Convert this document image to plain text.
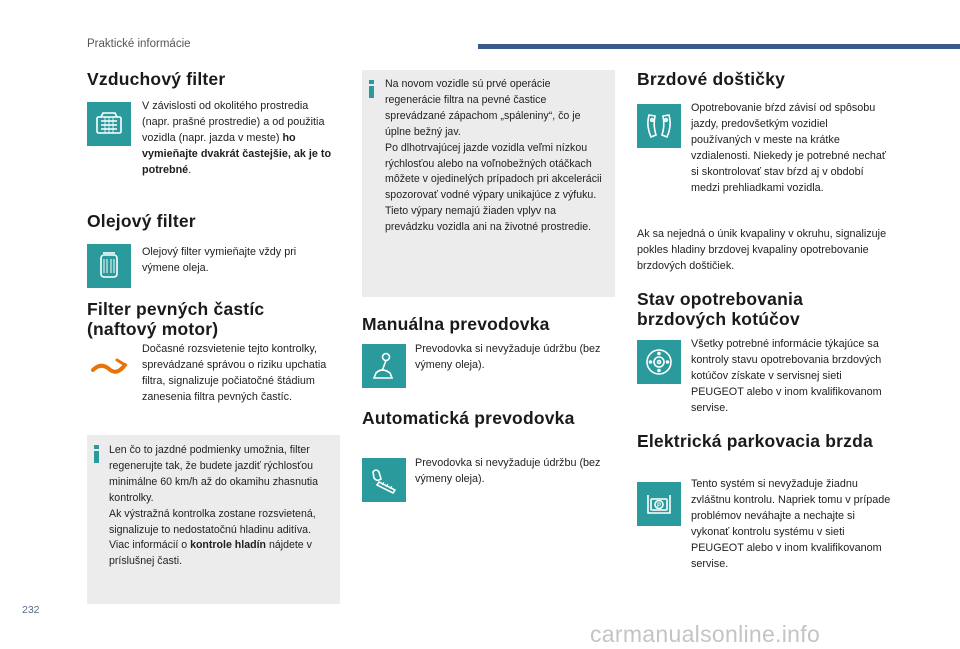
Praktické informácie
Vzduchový filter
V závislosti od okolitého prostredia (napr. prašné prostredie) a od použitia vozidla (napr. jazda v meste) ho vymieňajte dvakrát častejšie, ak je to potrebné.
Olejový filter
Olejový filter vymieňajte vždy pri výmene oleja.
Filter pevných častíc
(naftový motor)
Dočasné rozsvietenie tejto kontrolky, sprevádzané správou o riziku upchatia filtra, signalizuje počiatočné štádium zanesenia filtra pevných častíc.
Len čo to jazdné podmienky umožnia, filter regenerujte tak, že budete jazdiť rýchlosťou minimálne 60 km/h až do okamihu zhasnutia kontrolky.
Ak výstražná kontrolka zostane rozsvietená, signalizuje to nedostatočnú hladinu aditíva.
Viac informácií o kontrole hladín nájdete v príslušnej časti.
Na novom vozidle sú prvé operácie regenerácie filtra na pevné častice sprevádzané zápachom „spáleniny“, čo je úplne bežný jav.
Po dlhotrvajúcej jazde vozidla veľmi nízkou rýchlosťou alebo na voľnobežných otáčkach môžete v ojedinelých prípadoch pri akcelerácii spozorovať vodné výpary unikajúce z výfuku. Tieto výpary nemajú žiaden vplyv na prevádzku vozidla ani na životné prostredie.
Manuálna prevodovka
Prevodovka si nevyžaduje údržbu (bez výmeny oleja).
Automatická prevodovka
Prevodovka si nevyžaduje údržbu (bez výmeny oleja).
Brzdové doštičky
Opotrebovanie bŕzd závisí od spôsobu jazdy, predovšetkým vozidiel používaných v meste na krátke vzdialenosti. Niekedy je potrebné nechať si skontrolovať stav bŕzd aj v období medzi prehliadkami vozidla.
Ak sa nejedná o únik kvapaliny v okruhu, signalizuje pokles hladiny brzdovej kvapaliny opotrebovanie brzdových doštičiek.
Stav opotrebovania
brzdových kotúčov
Všetky potrebné informácie týkajúce sa kontroly stavu opotrebovania brzdových kotúčov získate v servisnej sieti PEUGEOT alebo v inom kvalifikovanom servise.
Elektrická parkovacia brzda
P
Tento systém si nevyžaduje žiadnu zvláštnu kontrolu. Napriek tomu v prípade problémov neváhajte a nechajte si vykonať kontrolu systému v sieti PEUGEOT alebo v inom kvalifikovanom servise.
232
carmanualsonline.info
